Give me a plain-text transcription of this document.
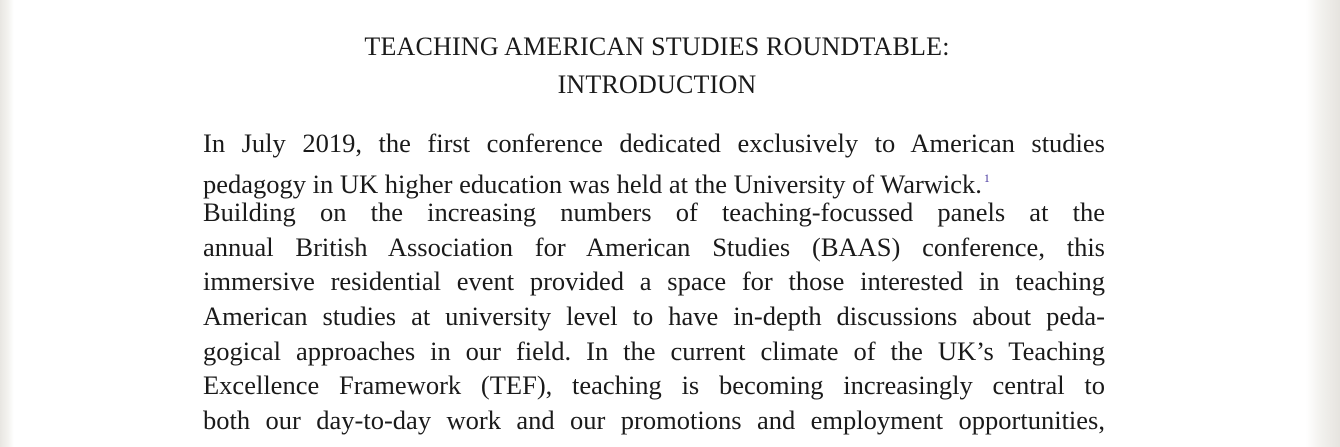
TEACHING AMERICAN STUDIES ROUNDTABLE:
INTRODUCTION
In July 2019, the first conference dedicated exclusively to American studies
pedagogy in UK higher education was held at the University of Warwick. $^1$
Building on the increasing numbers of teaching-focussed panels at the
annual British Association for American Studies (BAAS) conference, this
immersive residential event provided a space for those interested in teaching
American studies at university level to have in-depth discussions about peda-
gogical approaches in our field. In the current climate of the UK’s Teaching
Excellence Framework (TEF), teaching is becoming increasingly central to
both our day-to-day work and our promotions and employment opportunities,
